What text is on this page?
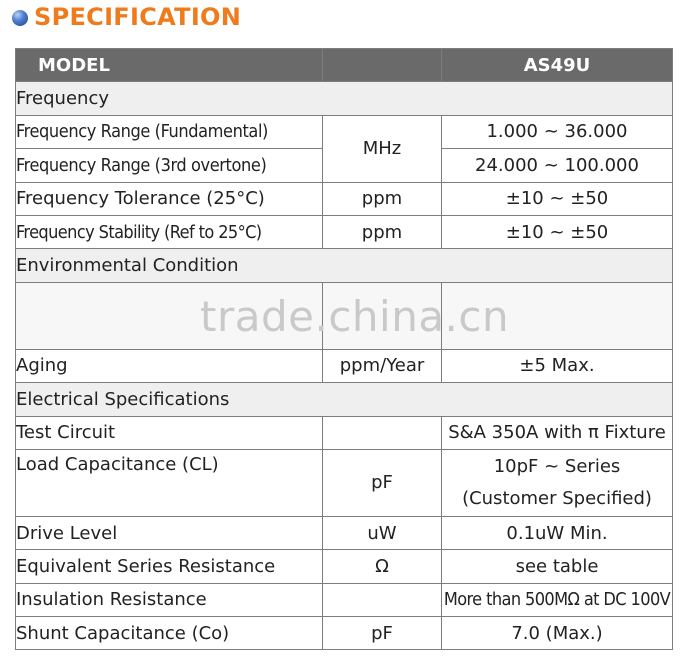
SPECIFICATION
MODEL		AS49U
Frequency		
Frequency Range (Fundamental)	MHz	1.000 ~ 36.000
Frequency Range (3rd overtone)		24.000 ~ 100.000
Frequency Tolerance (25°C)	ppm	±10 ~ ±50
Frequency Stability (Ref to 25°C)	ppm	±10 ~ ±50
Environmental Condition		

Aging	ppm/Year	±5 Max.
Electrical Specifications		
Test Circuit		S&A 350A with π Fixture
Load Capacitance (CL)	pF	10pF ~ Series
(Customer Specified)

Drive Level	uW	0.1uW Min.
Equivalent Series Resistance	Ω	see table
Insulation Resistance		More than 500MΩ at DC 100V
Shunt Capacitance (Co)	pF	7.0 (Max.)
trade.china.cn
